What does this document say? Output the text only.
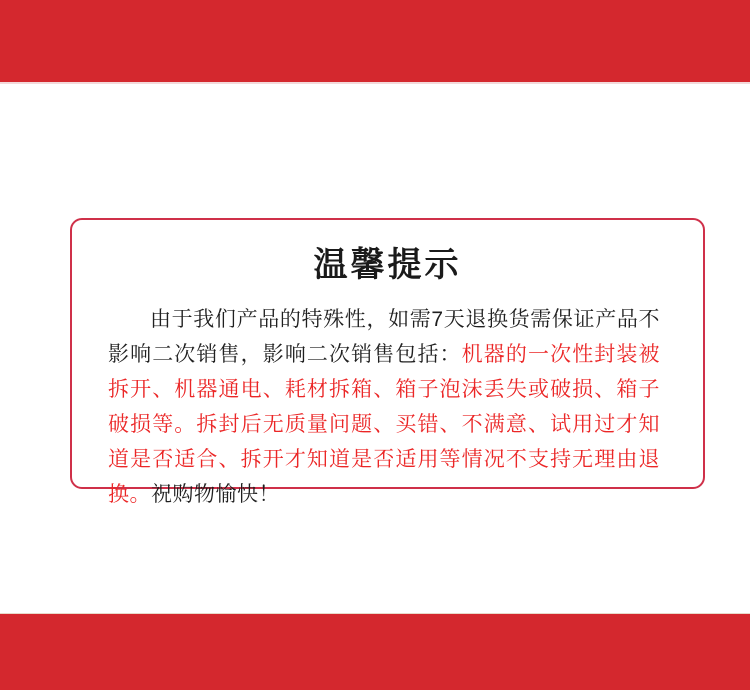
温馨提示

由于我们产品的特殊性，如需7天退换货需保证产品不影响二次销售，影响二次销售包括：机器的一次性封装被拆开、机器通电、耗材拆箱、箱子泡沫丢失或破损、箱子破损等。拆封后无质量问题、买错、不满意、试用过才知道是否适合、拆开才知道是否适用等情况不支持无理由退换。祝购物愉快！
